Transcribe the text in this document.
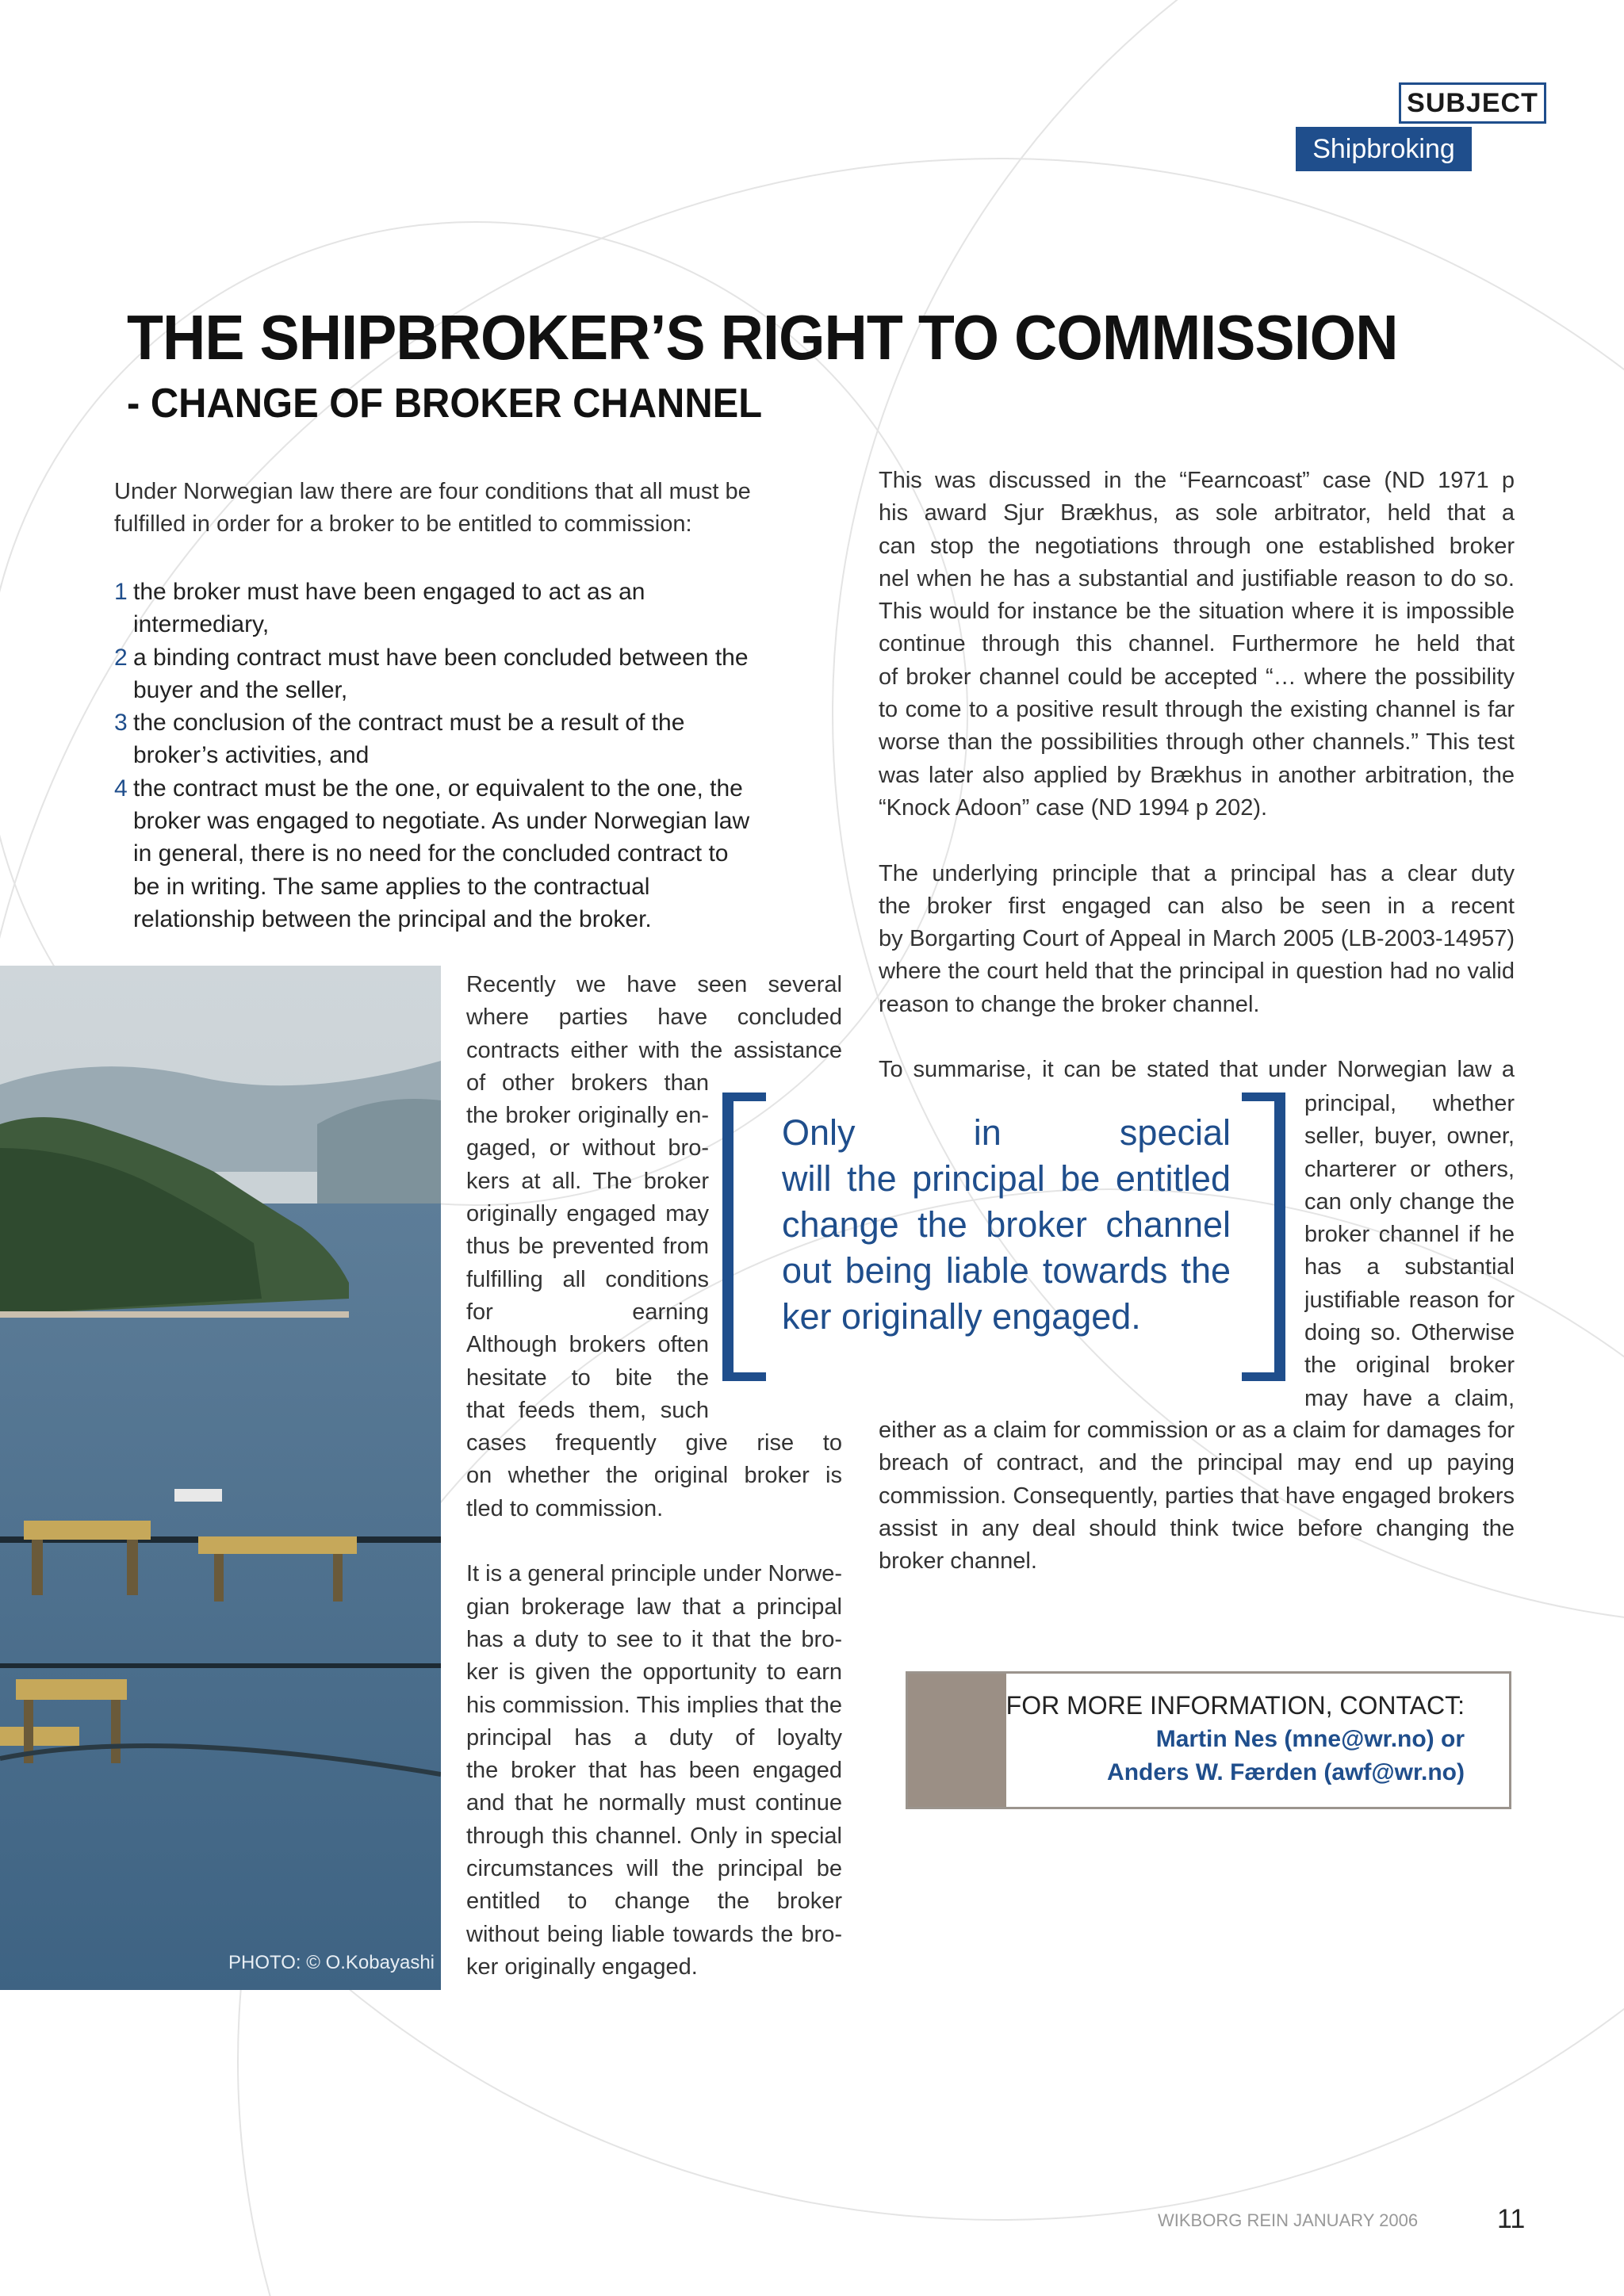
SUBJECT
Shipbroking
THE SHIPBROKER’S RIGHT TO COMMISSION
- CHANGE OF BROKER CHANNEL
Under Norwegian law there are four conditions that all must be
fulfilled in order for a broker to be entitled to commission:
1 the broker must have been engaged to act as an
intermediary,
2 a binding contract must have been concluded between the
buyer and the seller,
3 the conclusion of the contract must be a result of the
broker’s activities, and
4 the contract must be the one, or equivalent to the one, the
broker was engaged to negotiate. As under Norwegian law
in general, there is no need for the concluded contract to
be in writing. The same applies to the contractual
relationship between the principal and the broker.
PHOTO: © O.Kobayashi
Recently we have seen several
where parties have concluded
contracts either with the assistance
of other brokers than
the broker originally en-
gaged, or without bro-
kers at all. The broker
originally engaged may
thus be prevented from
fulfilling all conditions
for earning
Although brokers often
hesitate to bite the
that feeds them, such
cases frequently give rise to
on whether the original broker is
tled to commission.
It is a general principle under Norwe-
gian brokerage law that a principal
has a duty to see to it that the bro-
ker is given the opportunity to earn
his commission. This implies that the
principal has a duty of loyalty
the broker that has been engaged
and that he normally must continue
through this channel. Only in special
circumstances will the principal be
entitled to change the broker
without being liable towards the bro-
ker originally engaged.
This was discussed in the “Fearncoast” case (ND 1971 p
his award Sjur Brækhus, as sole arbitrator, held that a
can stop the negotiations through one established broker
nel when he has a substantial and justifiable reason to do so.
This would for instance be the situation where it is impossible
continue through this channel. Furthermore he held that
of broker channel could be accepted “… where the possibility
to come to a positive result through the existing channel is far
worse than the possibilities through other channels.” This test
was later also applied by Brækhus in another arbitration, the
“Knock Adoon” case (ND 1994 p 202).
The underlying principle that a principal has a clear duty
the broker first engaged can also be seen in a recent
by Borgarting Court of Appeal in March 2005 (LB-2003-14957)
where the court held that the principal in question had no valid
reason to change the broker channel.
To summarise, it can be stated that under Norwegian law a
Only in special
will the principal be entitled
change the broker channel
out being liable towards the
ker originally engaged.
principal, whether
seller, buyer, owner,
charterer or others,
can only change the
broker channel if he
has a substantial
justifiable reason for
doing so. Otherwise
the original broker
may have a claim,
either as a claim for commission or as a claim for damages for
breach of contract, and the principal may end up paying
commission. Consequently, parties that have engaged brokers
assist in any deal should think twice before changing the
broker channel.
FOR MORE INFORMATION, CONTACT:
Martin Nes (mne@wr.no) or
Anders W. Færden (awf@wr.no)
WIKBORG REIN JANUARY 2006	11
